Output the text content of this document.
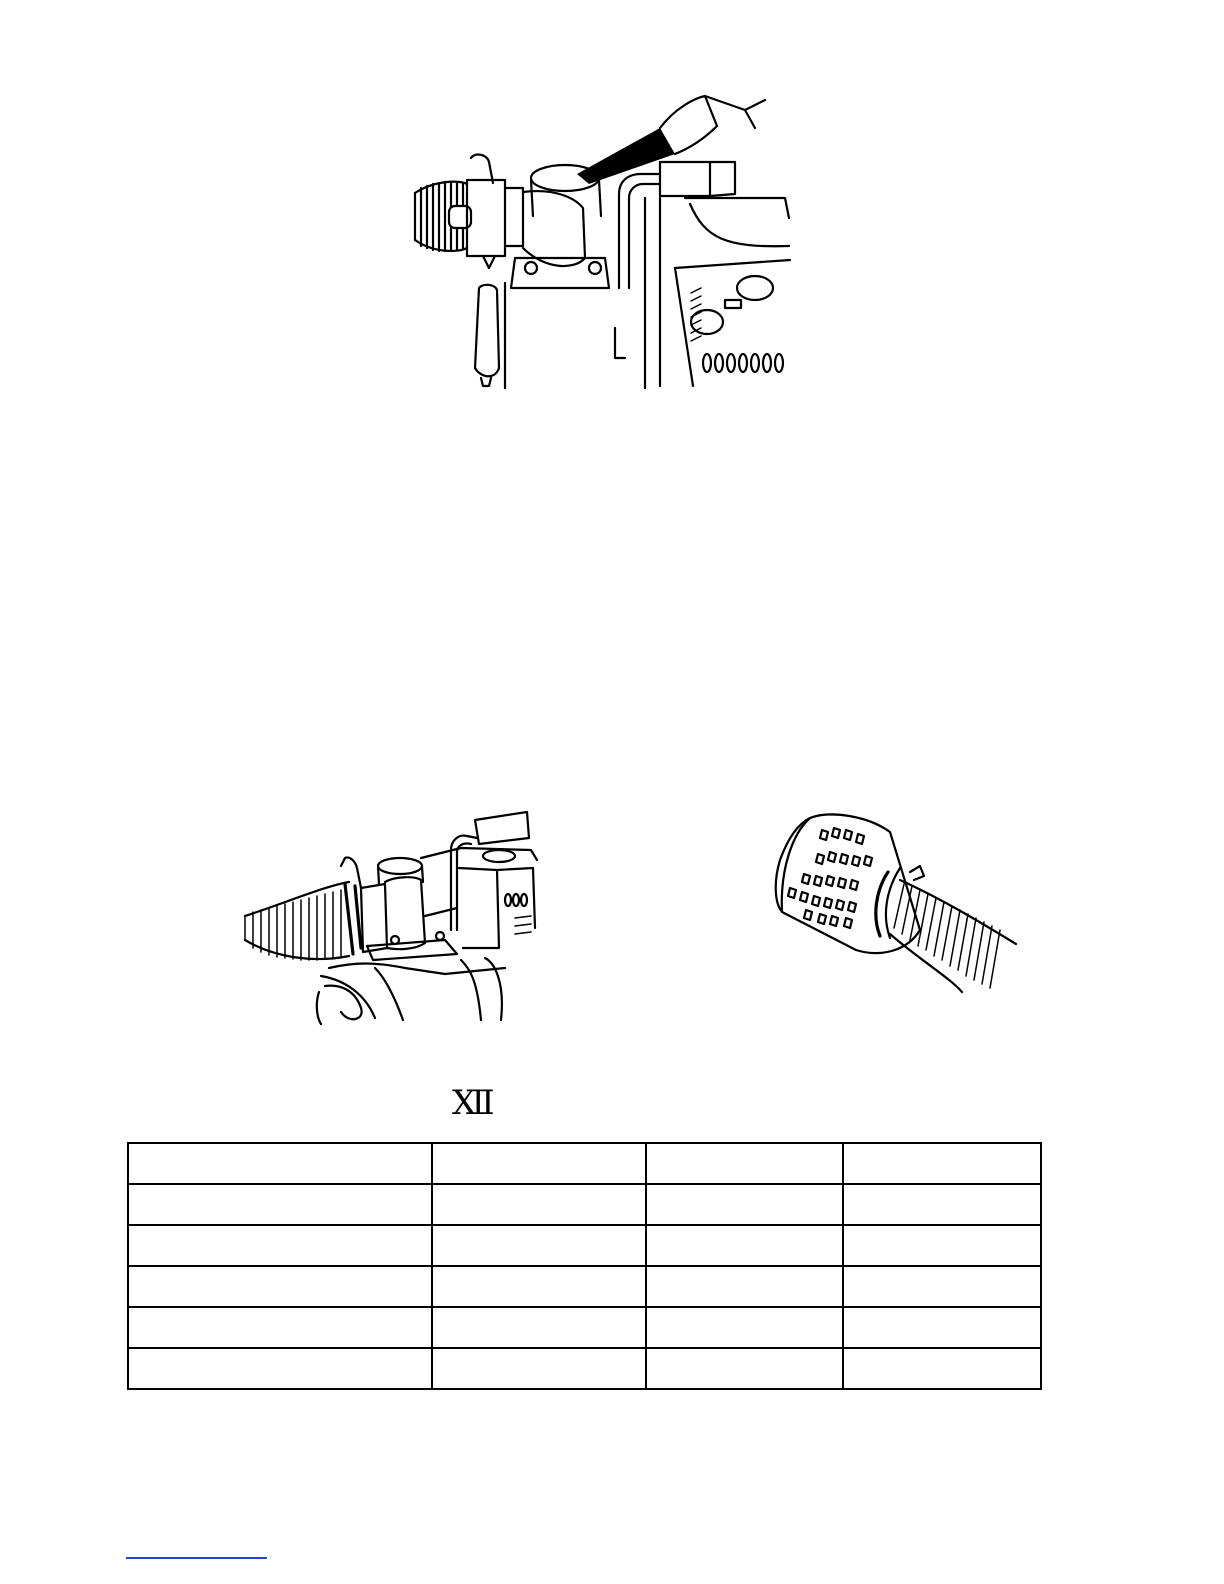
Ⅻ
